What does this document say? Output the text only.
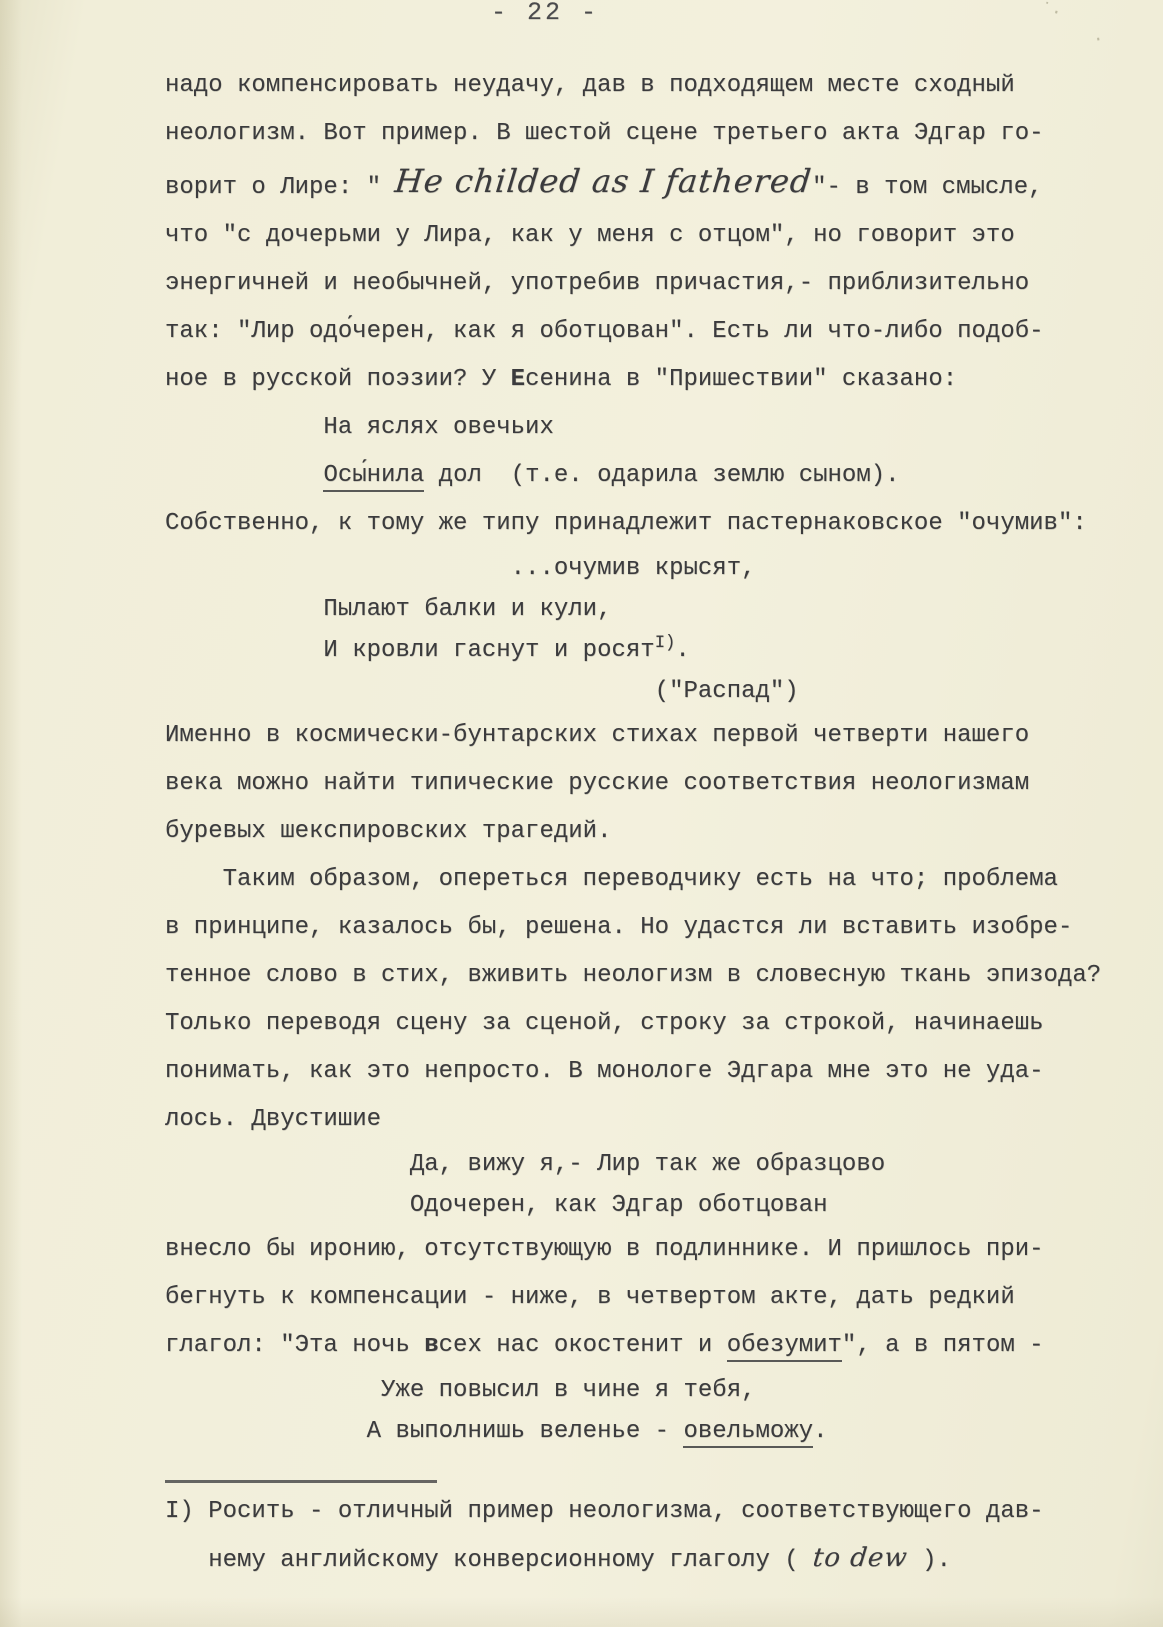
- 22 -	˙·
·
надо компенсировать неудачу, дав в подходящем месте сходный
неологизм. Вот пример. В шестой сцене третьего акта Эдгар го-
ворит о Лире: " He childed as I fathered"- в том смысле,
что "с дочерьми у Лира, как у меня с отцом", но говорит это
энергичней и необычней, употребив причастия,- приблизительно
так: "Лир одо́черен, как я оботцован". Есть ли что-либо подоб-
ное в русской поэзии? У Есенина в "Пришествии" сказано:
На яслях овечьих
Осы́нила дол  (т.е. одарила землю сыном).
Собственно, к тому же типу принадлежит пастернаковское "очумив":
...очумив крысят,
Пылают балки и кули,
И кровли гаснут и росят$^{I)}$.
("Распад")
Именно в космически-бунтарских стихах первой четверти нашего
века можно найти типические русские соответствия неологизмам
буревых шекспировских трагедий.
Таким образом, опереться переводчику есть на что; проблема
в принципе, казалось бы, решена. Но удастся ли вставить изобре-
тенное слово в стих, вживить неологизм в словесную ткань эпизода?
Только переводя сцену за сценой, строку за строкой, начинаешь
понимать, как это непросто. В монологе Эдгара мне это не уда-
лось. Двустишие
Да, вижу я,- Лир так же образцово
Одочерен, как Эдгар оботцован
внесло бы иронию, отсутствующую в подлиннике. И пришлось при-
бегнуть к компенсации - ниже, в четвертом акте, дать редкий
глагол: "Эта ночь всех нас окостенит и обезумит", а в пятом -
Уже повысил в чине я тебя,
А выполнишь веленье - овельможу.
I) Росить - отличный пример неологизма, соответствующего дав-
нему английскому конверсионному глаголу ( to dew ).
